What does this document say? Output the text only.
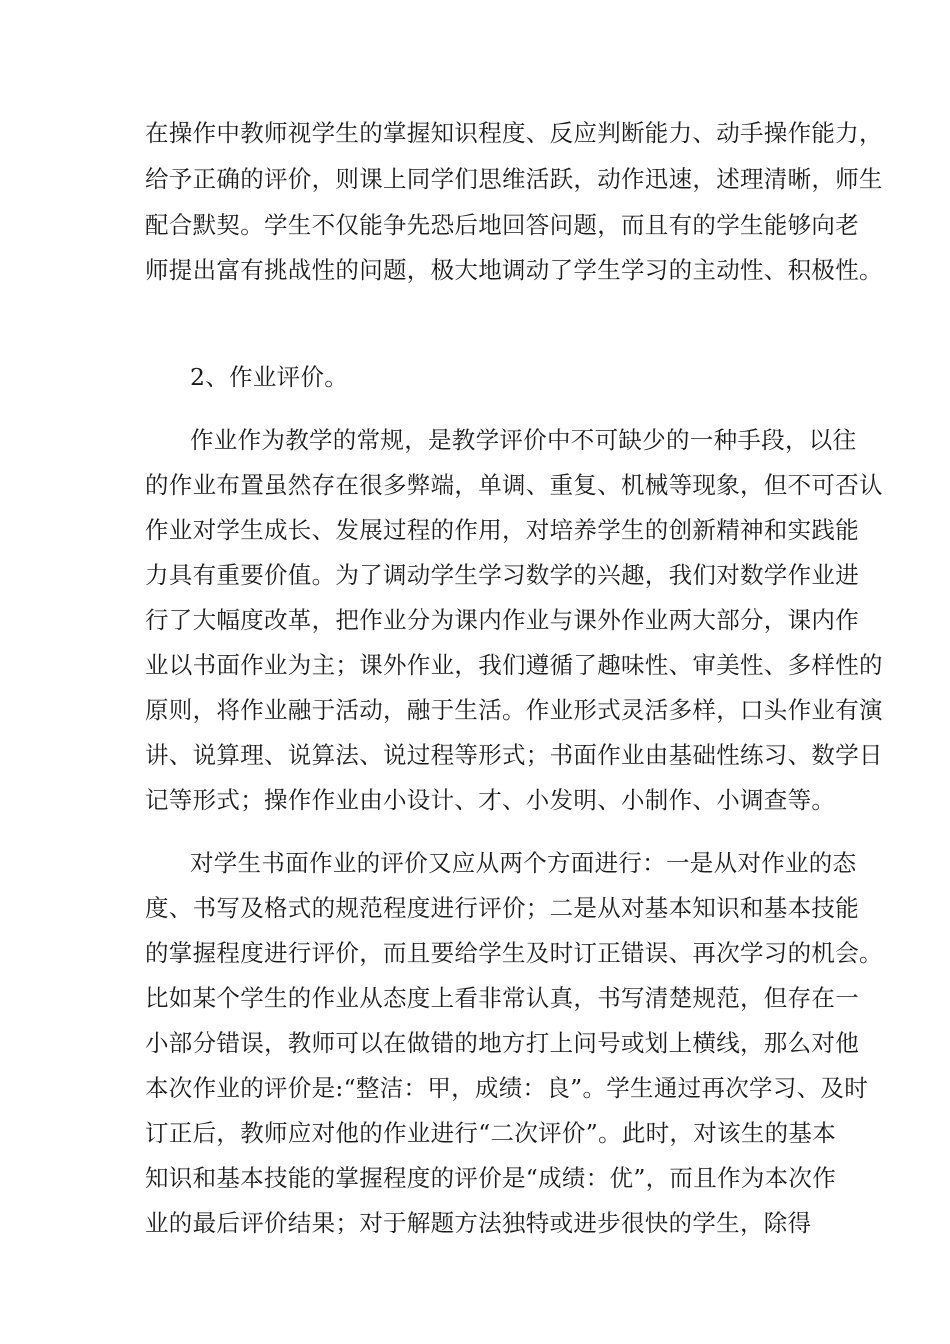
在操作中教师视学生的掌握知识程度、反应判断能力、动手操作能力，
给予正确的评价，则课上同学们思维活跃，动作迅速，述理清晰，师生
配合默契。学生不仅能争先恐后地回答问题，而且有的学生能够向老
师提出富有挑战性的问题，极大地调动了学生学习的主动性、积极性。
2、作业评价。
作业作为教学的常规，是教学评价中不可缺少的一种手段，以往
的作业布置虽然存在很多弊端，单调、重复、机械等现象，但不可否认
作业对学生成长、发展过程的作用，对培养学生的创新精神和实践能
力具有重要价值。为了调动学生学习数学的兴趣，我们对数学作业进
行了大幅度改革，把作业分为课内作业与课外作业两大部分，课内作
业以书面作业为主；课外作业，我们遵循了趣味性、审美性、多样性的
原则，将作业融于活动，融于生活。作业形式灵活多样，口头作业有演
讲、说算理、说算法、说过程等形式；书面作业由基础性练习、数学日
记等形式；操作作业由小设计、才、小发明、小制作、小调查等。
对学生书面作业的评价又应从两个方面进行：一是从对作业的态
度、书写及格式的规范程度进行评价；二是从对基本知识和基本技能
的掌握程度进行评价，而且要给学生及时订正错误、再次学习的机会。
比如某个学生的作业从态度上看非常认真，书写清楚规范，但存在一
小部分错误，教师可以在做错的地方打上问号或划上横线，那么对他
本次作业的评价是:“整洁：甲，成绩：良”。学生通过再次学习、及时
订正后，教师应对他的作业进行“二次评价”。此时，对该生的基本
知识和基本技能的掌握程度的评价是“成绩：优”，而且作为本次作
业的最后评价结果；对于解题方法独特或进步很快的学生，除得
